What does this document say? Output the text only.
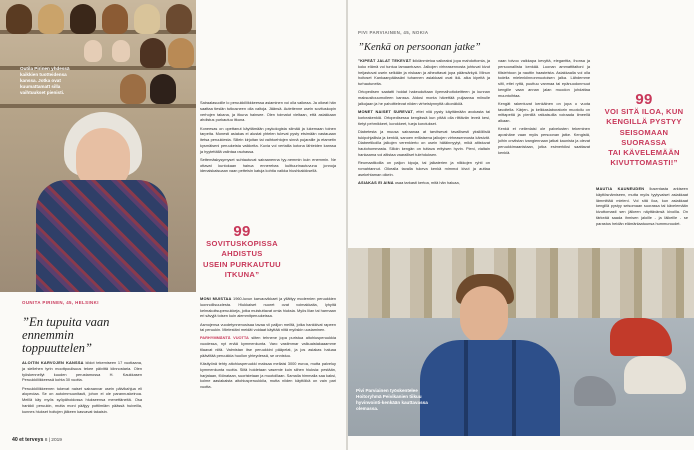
Outila Pirinen yhdessä kaikkien tuotteidensa kanssa. Jotka ovat kuumattamatt silla vaihtuukset pienisti.

Sairaalasuoille lo peruukkiliikkkeessa asiaminen voi olla vaikeaa. Ja oikeat hän saattaa tiesiän tutkusneen olla valtoja. Jäänsä. Autetienne usein sovituskopin verhojen takana, ja itkuna hainsee. Olen toimatut vieltaan, että asiakkaan ahdistus purkautuu itkuna.

Koneesas on opettanut käyttämään psykologista silmää ja lukemaan toinen tarpeita. Monesti asiakas ei alustat yhtelen tulevat pysty etsimään vastauaan itetsa peruukiesta. Sillein kirjoitan tai vaihtoehtojen sinnä pujaraille ja etametin kysmäiseni peruukeista vaikkeita. Kuvia voi vertailla kotona lähteiden kanssa ja hyytettällä valintaa rauhassa.

Settemäskysymyset suhtautuvat sairaanenna tyy-nemmin kuin enemmin. Ne ottavat kuntokaan hairua ennerebas kulttuurinautuvuna jonnoja idenaiskaisuaan vaan petteisin katuja kohtia vaikka hiushkakkksellä.

99
SOVITUSKOPISSA
AHDISTUS
USEIN PURKAUTUU
ITKUNA”
OUNITA PIRINEN, 45, HELSINKI
”En tupuita vaan ennemmin toppuuttelen”

ALOITIN KARVOJEN KANSSA kildot tekemiseen 17 vuotiaana, ja siellehen tyrin moottpoulisuus tekee päivittä kiinnostaria. Olen työskennellyt kuuden perustamossa H. Kaukkasen Peruukkiliikkeessä kohta 30 vuotta.

Peruukkiliikkeenen tukevat naiset sairaanvar usein päivikahjua eli alopeciaa. Se on autoimmuunitauti, johon ei ole parannuskeinoa. Meillä käy myös syöpähoidossa hiukseensa menettäneitä. Osa hankkii peruukin, mutta moni pääjyy pottiimiäm päässä huiveilla, kunnes hiukset hoitojen jälkeen kasvavat takaisin.

MONI MUISTAA 1960-luvun karvaovikkaet ja yllättyy modernien peruukkien luonnollisuudesta. Hiukkaiset nuoret ovat voimakkaita, lyhyitä kelmakoitsuperuukkeja, jotka muistuttavat omia hiuksia. Myös liian tai harmaan eri sävyjä toisen kuin aiemmitperuukeissa.

Asmojensa vuodetynnenusisaa tavaa vii palijon meiltä, jotka hankkivat rapeen tai peruukin. Mielestäni meidät voidaat käyttää niitä myöskin uusiaminen.

PARHYMMÄNTÄ VUOTTA siiten tehnene jopa puristua aitohiusperuukkia vuodessa, nyt enää kymmenkunta. Varo vastimmar valkuaistakaaamme tilaavat niitä. Valmistan itse peruukkini pääpelat, ja jos asiakas haluaa pääviitää peruukkia huollon yhteydessä, se onnistuu.

Käsityönä tehty aitohiusperuukki maksaa mellaisi 3000 euroa, mutta palveluy kymmenkunta vuotta. Siitä hoidetaan vasemie kuin siihen hiuksia: pestään, harjataan, föönataan, suoristetaan ja muotoillaan. Samalla himmalla saa kaksi, kolme aasiakaista aitohiusperuukkiia, mutta niiden käyttöikä on vain pari vuotta.

40 et terveys 8 | 2019
PIVI PARVIAINEN, 45, NOKIA
”Kenkä on persoonan jatke”

”KIPEÄT JALAT TEKEVÄT ikikiänmietoa vaikeaksi jopa mahdottomia, ja koko elämä voi tuntua lamaantuvan. Jalkojen virheasennosta johtuvat kivut heijastuvat usein selkään ja niskaan ja aiheuttavat jopa päänsärkyä. Minun hoitoset Kankaanpäässäni tuhannen asiakkaat ovat ikä- alka kipeitä ja turhautuneita.

Ortopedisen saatatti hoidat hakeuduttaan ilyemalhoitokeitteen ja kunnan maksusitouumoileen kanssa. Aidosi monta hävettää puljaansa miinulle jalkojaan ja he pahoittelevat niiden virheistynnyttä ulkonäköä.

MONET NAISET SUREVAT, ettei niiä pysty käyttämään avokasta tai korkeakenkiä. Ortopedisessa kengässä kun pitää olla riittävän leveä kesi, tietyt pehmikkeet, korokkeet, tueja korotukset.

Diabetesta ja muusa sairaanaa at tarvitsevat tavallisesti yksilöllisiä tukipohjallisia ja kenkiä, sanoen erillaisena jalkojen virheasennosta kärsivät. Diabeetikoilla jalkojen verenkierto on usein hätäinnyytyt, mikä altistuvat hautohommasta. Silloin kengän on tuttava erityisen hyvin. Pieni, vialtain hankaama voi altistaa vaaralliset tulehduksen.

Reumaatikoilla on paljon kipuja, tai jalkaterien ja nilkkojen ryhti on romahtannut. Oikealla tavalla tukeva kenkä mimmoi kivut ja auttaa asekehtaman oikein.

ASIAKAS EI AINA osaa tarkasti kertoa, mitä hän haluaa,

vaan toivoo vaikkapa kevyttä, eleganttia, ihonsa ja persoonallista kenkää. Luonan ammattitaitoni ja tilisiehtoon ja nauttin haasteista. Asiakkaalla voi olla todella mielenkiinnonmuotoisen jalka. Lähdemme silti, ettei ryttä, puuttuu vanmaa tai epänuodonmuut kengille vaan annan jalan muodon johdattaa muuntoihtaa.

Kengät rakentuvat kenkäinen on jopa o vuota tavoitella. Kärjen- ja kelkkaslaboratorin muotoilu on mittapeitä ja pienillä ratkaisuilla voiraada ilmeellä alkaan.

Kenkä et neilenlaisi ole palvelusten tekeminen aposhäne vaan myös persoonan jatke. Kengistä, joihin onviistan ivangiennaan jatkat kaunista ja olevat peruukkimaanistaan, jotka esimerkiksi saattavat kenkiä.

99
VOI SITÄ ILOA, KUN
KENGILLÄ PYSTYY
SEISOMAAN
SUORASSA
TAI KÄVELEMÄÄN
KIVUTTOMASTI!”

MAUTIA KAUNEUDEN llusentasta arkiseen käyttösnämiseen, mutta myös tyytyvaiset asiakkaat lämmittää mieleni. Voi sitä iloa, kun asiakkaat kengillä pystyy seisomaan suorassa tai kävelemään kivuttomasti sen jälkeen näyttävänsä kivoilla. On tärkeää saada ihmisen jaloille - ja läikeille - se parastus heidän elämänlaatuunsa hummuroudet.

Pivi Parviainen työskentelee Hoitoryhmä Peivikanien tiikuu hyvinvointi-kenkään kauttavassa olemassa.
